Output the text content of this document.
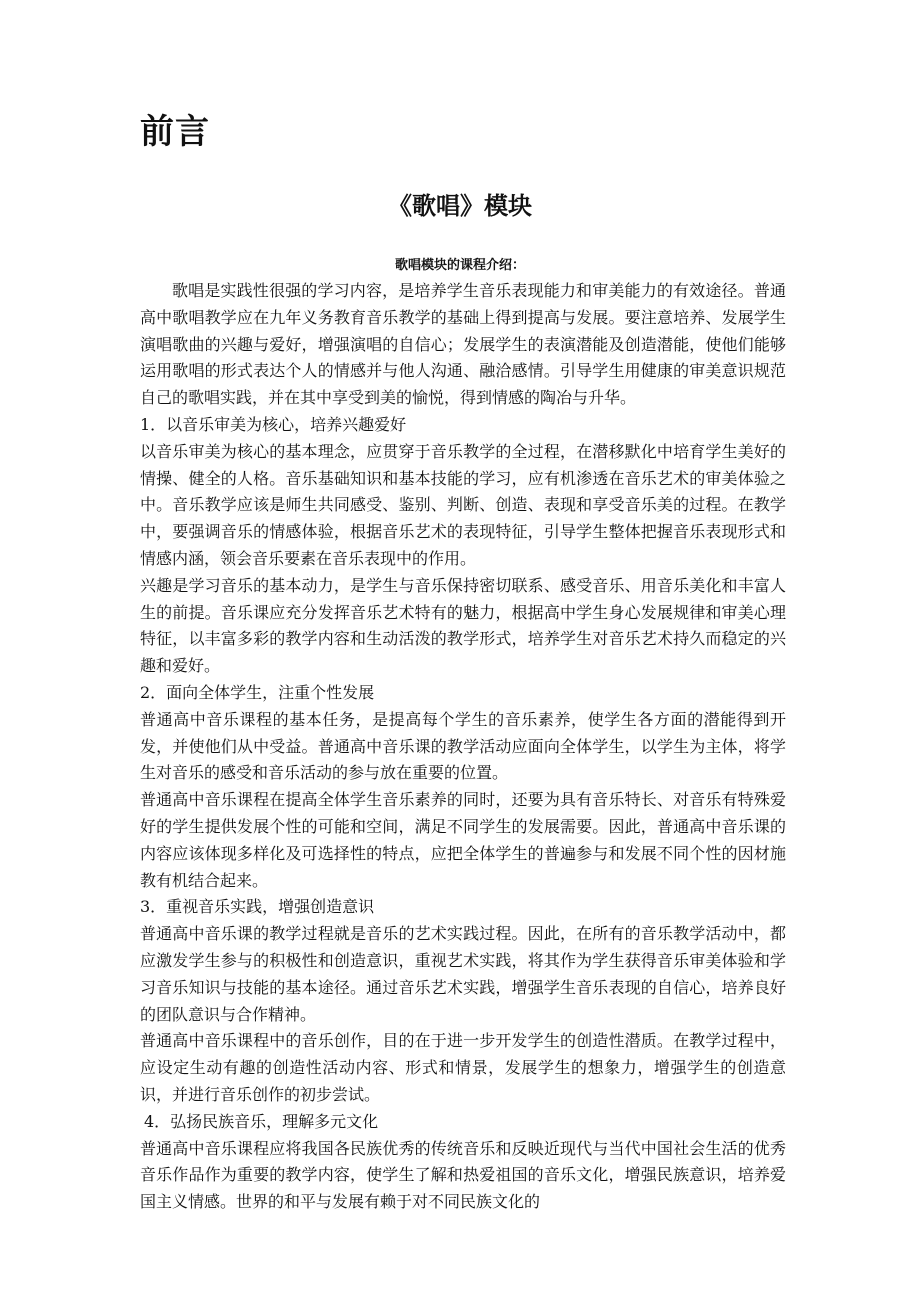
前言
《歌唱》模块
歌唱模块的课程介绍：

歌唱是实践性很强的学习内容，是培养学生音乐表现能力和审美能力的有效途径。普通高中歌唱教学应在九年义务教育音乐教学的基础上得到提高与发展。要注意培养、发展学生演唱歌曲的兴趣与爱好，增强演唱的自信心；发展学生的表演潜能及创造潜能，使他们能够运用歌唱的形式表达个人的情感并与他人沟通、融洽感情。引导学生用健康的审美意识规范自己的歌唱实践，并在其中享受到美的愉悦，得到情感的陶冶与升华。

1．以音乐审美为核心，培养兴趣爱好

以音乐审美为核心的基本理念，应贯穿于音乐教学的全过程，在潜移默化中培育学生美好的情操、健全的人格。音乐基础知识和基本技能的学习，应有机渗透在音乐艺术的审美体验之中。音乐教学应该是师生共同感受、鉴别、判断、创造、表现和享受音乐美的过程。在教学中，要强调音乐的情感体验，根据音乐艺术的表现特征，引导学生整体把握音乐表现形式和情感内涵，领会音乐要素在音乐表现中的作用。

兴趣是学习音乐的基本动力，是学生与音乐保持密切联系、感受音乐、用音乐美化和丰富人生的前提。音乐课应充分发挥音乐艺术特有的魅力，根据高中学生身心发展规律和审美心理特征，以丰富多彩的教学内容和生动活泼的教学形式，培养学生对音乐艺术持久而稳定的兴趣和爱好。

2．面向全体学生，注重个性发展

普通高中音乐课程的基本任务，是提高每个学生的音乐素养，使学生各方面的潜能得到开发，并使他们从中受益。普通高中音乐课的教学活动应面向全体学生，以学生为主体，将学生对音乐的感受和音乐活动的参与放在重要的位置。

普通高中音乐课程在提高全体学生音乐素养的同时，还要为具有音乐特长、对音乐有特殊爱好的学生提供发展个性的可能和空间，满足不同学生的发展需要。因此，普通高中音乐课的内容应该体现多样化及可选择性的特点，应把全体学生的普遍参与和发展不同个性的因材施教有机结合起来。

3．重视音乐实践，增强创造意识

普通高中音乐课的教学过程就是音乐的艺术实践过程。因此，在所有的音乐教学活动中，都应激发学生参与的积极性和创造意识，重视艺术实践，将其作为学生获得音乐审美体验和学习音乐知识与技能的基本途径。通过音乐艺术实践，增强学生音乐表现的自信心，培养良好的团队意识与合作精神。

普通高中音乐课程中的音乐创作，目的在于进一步开发学生的创造性潜质。在教学过程中，应设定生动有趣的创造性活动内容、形式和情景，发展学生的想象力，增强学生的创造意识，并进行音乐创作的初步尝试。

4．弘扬民族音乐，理解多元文化

普通高中音乐课程应将我国各民族优秀的传统音乐和反映近现代与当代中国社会生活的优秀音乐作品作为重要的教学内容，使学生了解和热爱祖国的音乐文化，增强民族意识，培养爱国主义情感。世界的和平与发展有赖于对不同民族文化的
